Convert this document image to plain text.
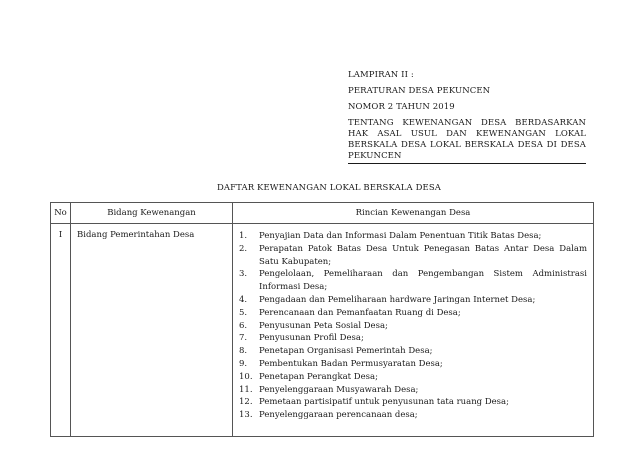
LAMPIRAN II :
PERATURAN DESA PEKUNCEN
NOMOR 2 TAHUN 2019
TENTANG KEWENANGAN DESA BERDASARKAN HAK ASAL USUL DAN KEWENANGAN LOKAL BERSKALA DESA LOKAL BERSKALA DESA DI DESA PEKUNCEN
DAFTAR KEWENANGAN LOKAL BERSKALA DESA
No	Bidang Kewenangan	Rincian Kewenangan Desa
I	Bidang Pemerintahan Desa	1.	Penyajian Data dan Informasi Dalam Penentuan Titik Batas Desa;
2.	Perapatan Patok Batas Desa Untuk Penegasan Batas Antar Desa Dalam Satu Kabupaten;
3.	Pengelolaan, Pemeliharaan dan Pengembangan Sistem Administrasi Informasi Desa;
4.	Pengadaan dan Pemeliharaan hardware Jaringan Internet Desa;
5.	Perencanaan dan Pemanfaatan Ruang di Desa;
6.	Penyusunan Peta Sosial Desa;
7.	Penyusunan Profil Desa;
8.	Penetapan Organisasi Pemerintah Desa;
9.	Pembentukan Badan Permusyaratan Desa;
10. Penetapan Perangkat Desa;
11. Penyelenggaraan Musyawarah Desa;
12. Pemetaan partisipatif untuk penyusunan tata ruang Desa;
13. Penyelenggaraan perencanaan desa;
